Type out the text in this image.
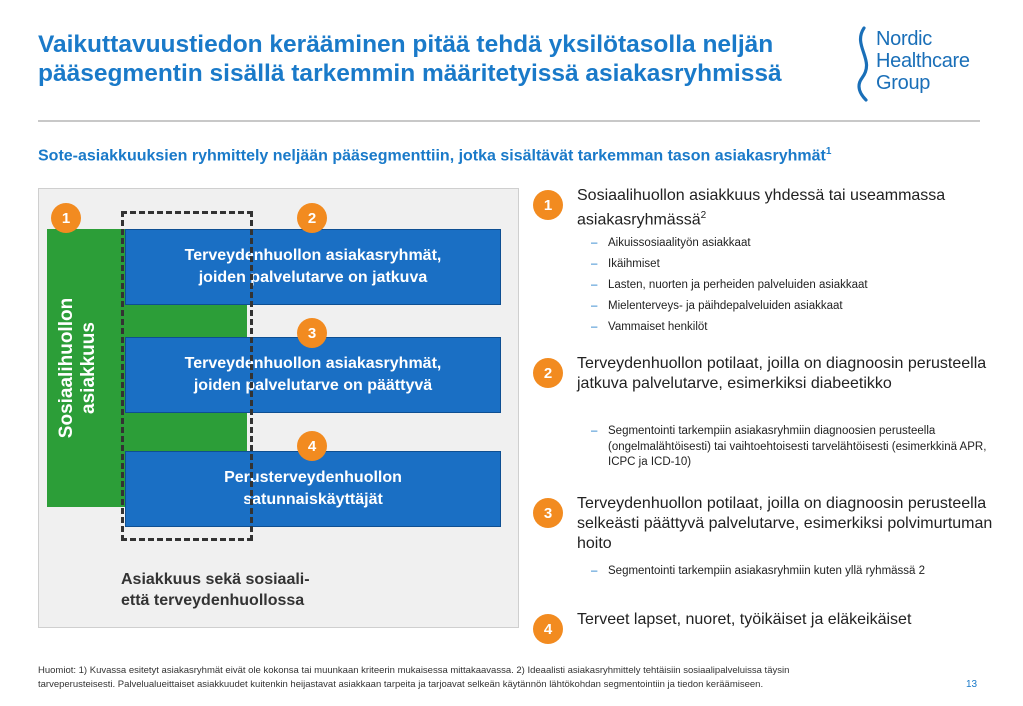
Vaikuttavuustiedon kerääminen pitää tehdä yksilötasolla neljän
pääsegmentin sisällä tarkemmin määritetyissä asiakasryhmissä
Nordic
Healthcare
Group
Sote-asiakkuuksien ryhmittely neljään pääsegmenttiin, jotka sisältävät tarkemman tason asiakasryhmät$^1$
Sosiaalihuollon asiakkuus
Terveydenhuollon asiakasryhmät,
joiden palvelutarve on jatkuva
Terveydenhuollon asiakasryhmät,
joiden palvelutarve on päättyvä
Perusterveydenhuollon
satunnaiskäyttäjät
1	2
3
4
Asiakkuus sekä sosiaali-
että terveydenhuollossa
1
Sosiaalihuollon asiakkuus yhdessä tai useammassa asiakasryhmässä$^2$
– Aikuissosiaalityön asiakkaat
– Ikäihmiset
– Lasten, nuorten ja perheiden palveluiden asiakkaat
– Mielenterveys- ja päihdepalveluiden asiakkaat
– Vammaiset henkilöt
2
Terveydenhuollon potilaat, joilla on diagnoosin perusteella jatkuva palvelutarve, esimerkiksi diabeetikko
– Segmentointi tarkempiin asiakasryhmiin diagnoosien perusteella (ongelmalähtöisesti) tai vaihtoehtoisesti tarvelähtöisesti (esimerkkinä APR, ICPC ja ICD-10)
3
Terveydenhuollon potilaat, joilla on diagnoosin perusteella selkeästi päättyvä palvelutarve, esimerkiksi polvimurtuman hoito
– Segmentointi tarkempiin asiakasryhmiin kuten yllä ryhmässä 2
4
Terveet lapset, nuoret, työikäiset ja eläkeikäiset
Huomiot: 1) Kuvassa esitetyt asiakasryhmät eivät ole kokonsa tai muunkaan kriteerin mukaisessa mittakaavassa. 2) Ideaalisti asiakasryhmittely tehtäisiin sosiaalipalveluissa täysin
tarveperusteisesti. Palvelualueittaiset asiakkuudet kuitenkin heijastavat asiakkaan tarpeita ja tarjoavat selkeän käytännön lähtökohdan segmentointiin ja tiedon keräämiseen.	13
